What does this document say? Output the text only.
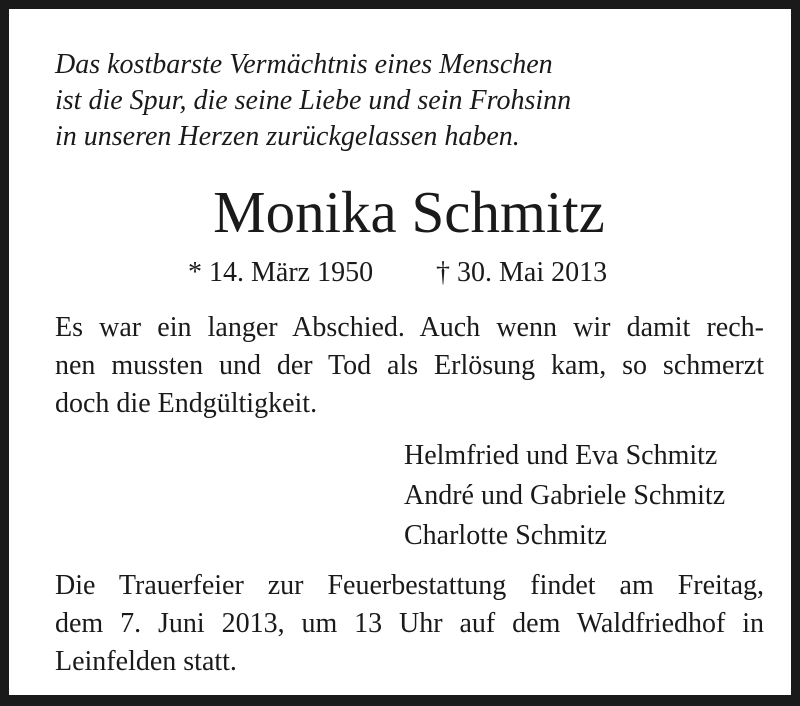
Das kostbarste Vermächtnis eines Menschen
ist die Spur, die seine Liebe und sein Frohsinn
in unseren Herzen zurückgelassen haben.
Monika Schmitz
* 14. März 1950 † 30. Mai 2013
Es war ein langer Abschied. Auch wenn wir damit rech-
nen mussten und der Tod als Erlösung kam, so schmerzt
doch die Endgültigkeit.
Helmfried und Eva Schmitz
André und Gabriele Schmitz
Charlotte Schmitz
Die Trauerfeier zur Feuerbestattung findet am Freitag,
dem 7. Juni 2013, um 13 Uhr auf dem Waldfriedhof in
Leinfelden statt.
